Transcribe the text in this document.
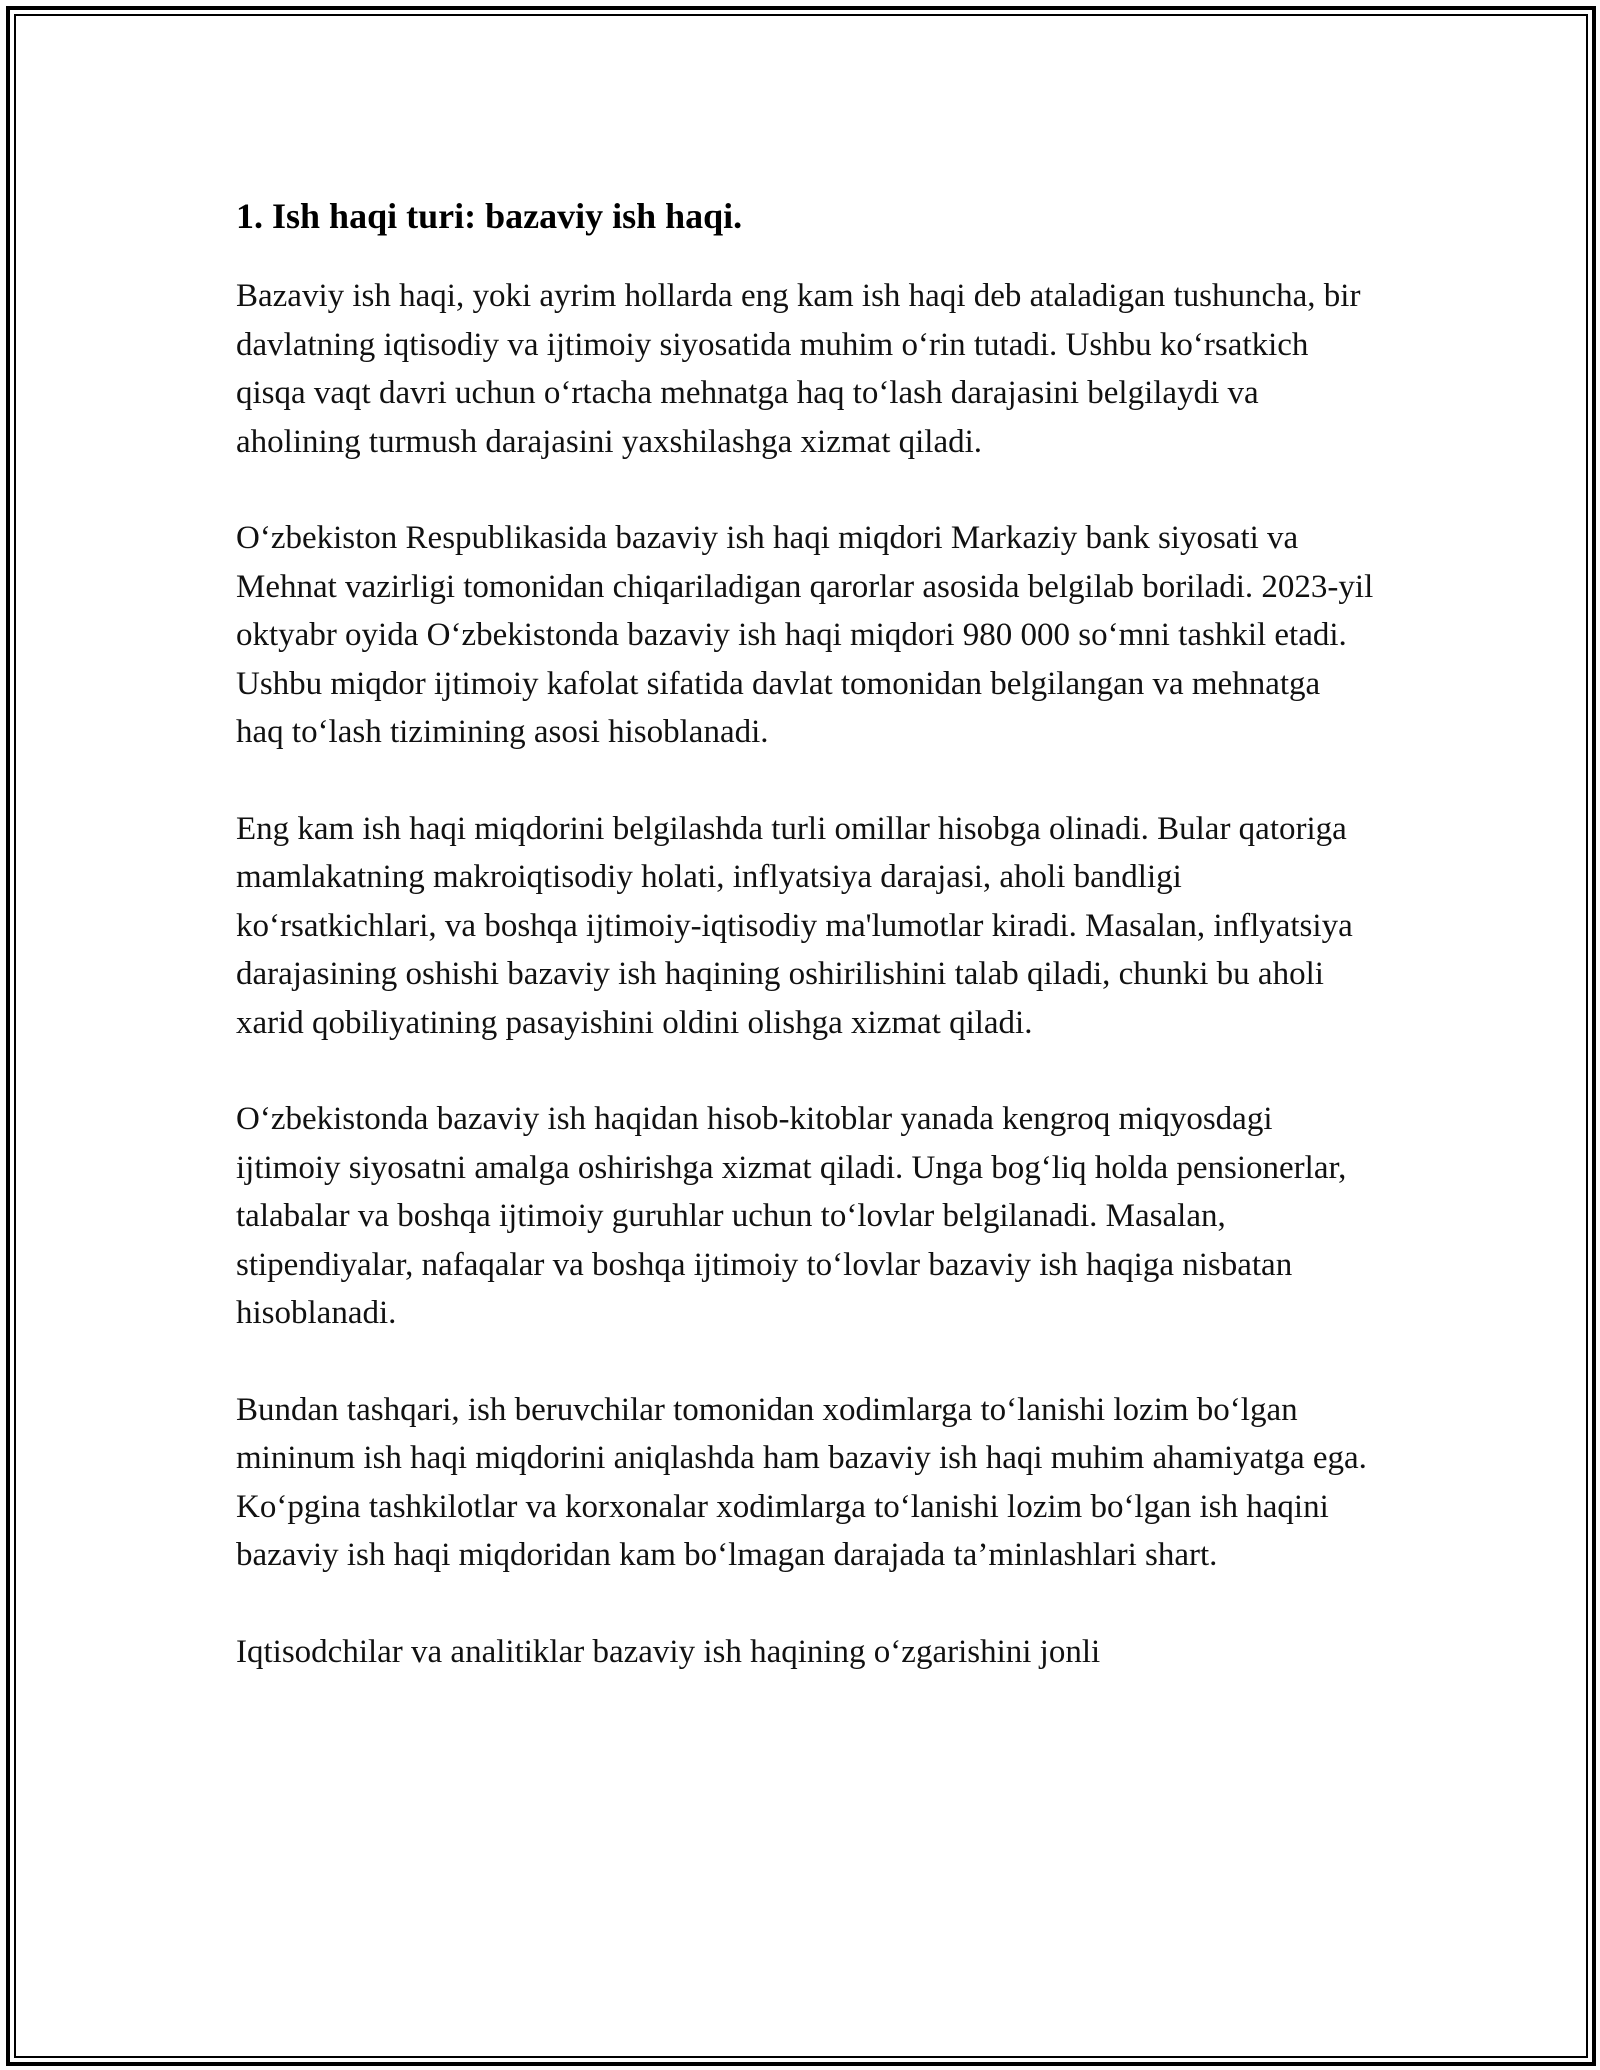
1. Ish haqi turi: bazaviy ish haqi.

Bazaviy ish haqi, yoki ayrim hollarda eng kam ish haqi deb ataladigan tushuncha, bir davlatning iqtisodiy va ijtimoiy siyosatida muhim o‘rin tutadi. Ushbu ko‘rsatkich qisqa vaqt davri uchun o‘rtacha mehnatga haq to‘lash darajasini belgilaydi va aholining turmush darajasini yaxshilashga xizmat qiladi.

O‘zbekiston Respublikasida bazaviy ish haqi miqdori Markaziy bank siyosati va Mehnat vazirligi tomonidan chiqariladigan qarorlar asosida belgilab boriladi. 2023-yil oktyabr oyida O‘zbekistonda bazaviy ish haqi miqdori 980 000 so‘mni tashkil etadi. Ushbu miqdor ijtimoiy kafolat sifatida davlat tomonidan belgilangan va mehnatga haq to‘lash tizimining asosi hisoblanadi.

Eng kam ish haqi miqdorini belgilashda turli omillar hisobga olinadi. Bular qatoriga mamlakatning makroiqtisodiy holati, inflyatsiya darajasi, aholi bandligi ko‘rsatkichlari, va boshqa ijtimoiy-iqtisodiy ma'lumotlar kiradi. Masalan, inflyatsiya darajasining oshishi bazaviy ish haqining oshirilishini talab qiladi, chunki bu aholi xarid qobiliyatining pasayishini oldini olishga xizmat qiladi.

O‘zbekistonda bazaviy ish haqidan hisob-kitoblar yanada kengroq miqyosdagi ijtimoiy siyosatni amalga oshirishga xizmat qiladi. Unga bog‘liq holda pensionerlar, talabalar va boshqa ijtimoiy guruhlar uchun to‘lovlar belgilanadi. Masalan, stipendiyalar, nafaqalar va boshqa ijtimoiy to‘lovlar bazaviy ish haqiga nisbatan hisoblanadi.

Bundan tashqari, ish beruvchilar tomonidan xodimlarga to‘lanishi lozim bo‘lgan mininum ish haqi miqdorini aniqlashda ham bazaviy ish haqi muhim ahamiyatga ega. Ko‘pgina tashkilotlar va korxonalar xodimlarga to‘lanishi lozim bo‘lgan ish haqini bazaviy ish haqi miqdoridan kam bo‘lmagan darajada ta’minlashlari shart.

Iqtisodchilar va analitiklar bazaviy ish haqining o‘zgarishini jonli
